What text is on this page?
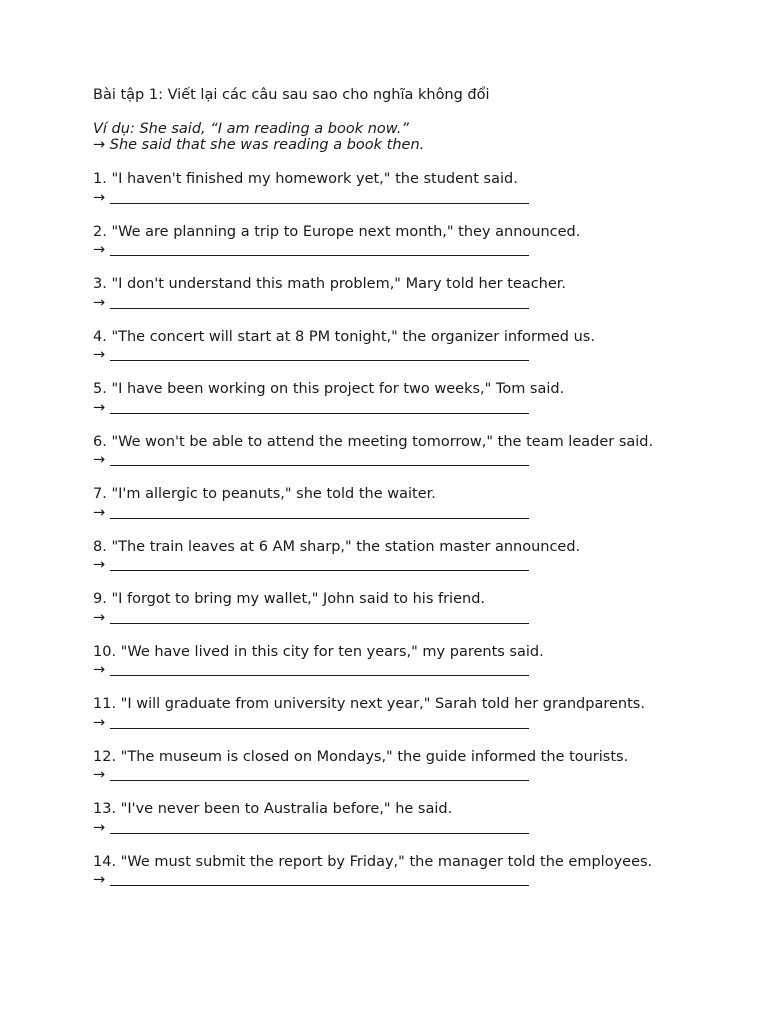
Bài tập 1: Viết lại các câu sau sao cho nghĩa không đổi
Ví dụ: She said, “I am reading a book now.”
→ She said that she was reading a book then.
1. "I haven't finished my homework yet," the student said.
→
2. "We are planning a trip to Europe next month," they announced.
→
3. "I don't understand this math problem," Mary told her teacher.
→
4. "The concert will start at 8 PM tonight," the organizer informed us.
→
5. "I have been working on this project for two weeks," Tom said.
→
6. "We won't be able to attend the meeting tomorrow," the team leader said.
→
7. "I'm allergic to peanuts," she told the waiter.
→
8. "The train leaves at 6 AM sharp," the station master announced.
→
9. "I forgot to bring my wallet," John said to his friend.
→
10. "We have lived in this city for ten years," my parents said.
→
11. "I will graduate from university next year," Sarah told her grandparents.
→
12. "The museum is closed on Mondays," the guide informed the tourists.
→
13. "I've never been to Australia before," he said.
→
14. "We must submit the report by Friday," the manager told the employees.
→
